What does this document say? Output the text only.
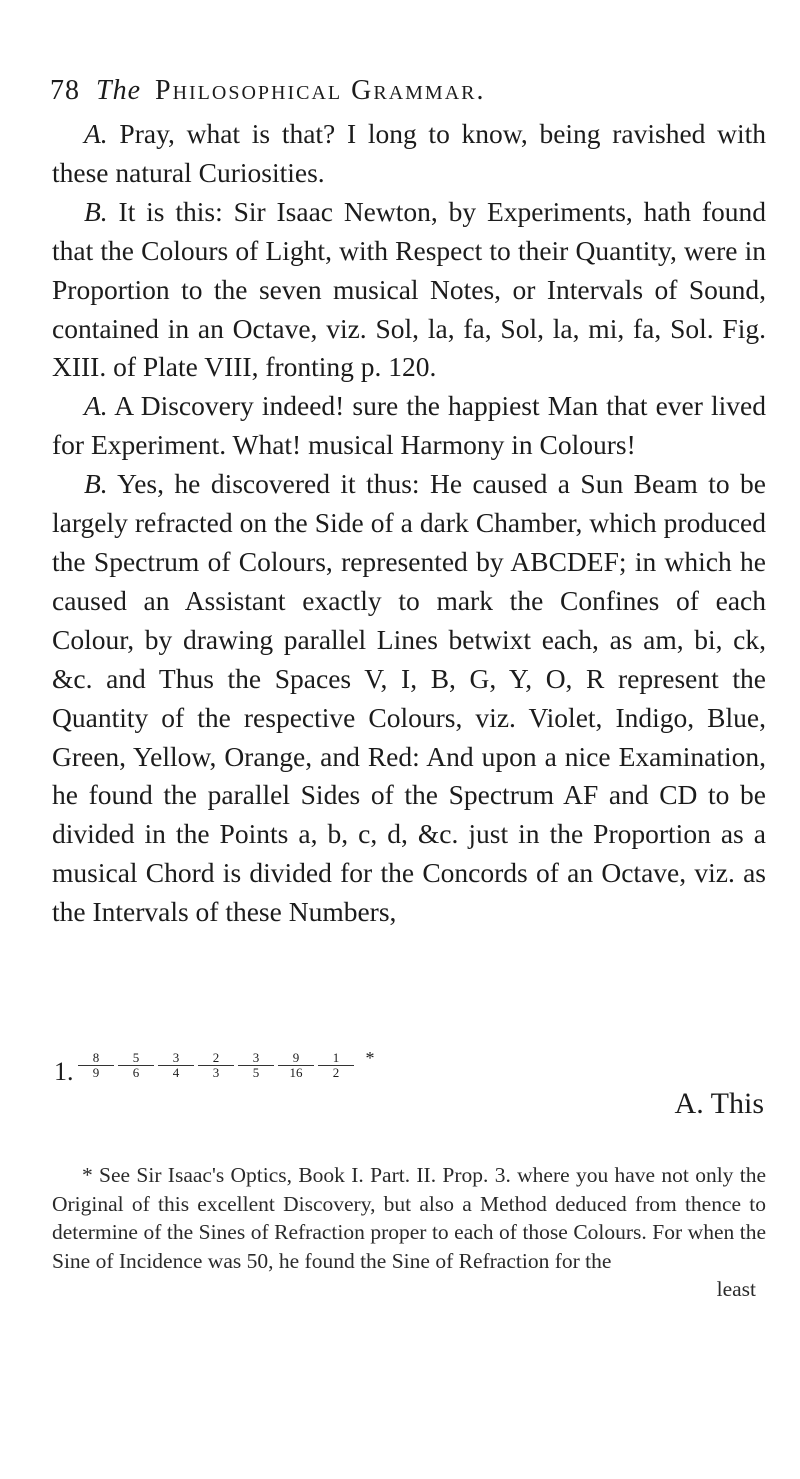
78 The Philosophical Grammar.

A. Pray, what is that? I long to know, being ravished with these natural Curiosities.

B. It is this: Sir Isaac Newton, by Experiments, hath found that the Colours of Light, with Respect to their Quantity, were in Proportion to the seven musical Notes, or Intervals of Sound, contained in an Octave, viz. Sol, la, fa, Sol, la, mi, fa, Sol. Fig. XIII. of Plate VIII, fronting p. 120.

A. A Discovery indeed! sure the happiest Man that ever lived for Experiment. What! musical Harmony in Colours!

B. Yes, he discovered it thus: He caused a Sun Beam to be largely refracted on the Side of a dark Chamber, which produced the Spectrum of Colours, represented by ABCDEF; in which he caused an Assistant exactly to mark the Confines of each Colour, by drawing parallel Lines betwixt each, as am, bi, ck, &c. and Thus the Spaces V, I, B, G, Y, O, R represent the Quantity of the respective Colours, viz. Violet, Indigo, Blue, Green, Yellow, Orange, and Red: And upon a nice Examination, he found the parallel Sides of the Spectrum AF and CD to be divided in the Points a, b, c, d, &c. just in the Proportion as a musical Chord is divided for the Concords of an Octave, viz. as the Intervals of these Numbers,

1. $\frac{8}{9} \frac{5}{6} \frac{3}{4} \frac{2}{3} \frac{3}{5} \frac{9}{16} \frac{1}{2}$ *
A. This

* See Sir Isaac's Optics, Book I. Part. II. Prop. 3. where you have not only the Original of this excellent Discovery, but also a Method deduced from thence to determine of the Sines of Refraction proper to each of those Colours. For when the Sine of Incidence was 50, he found the Sine of Refraction for the

least
